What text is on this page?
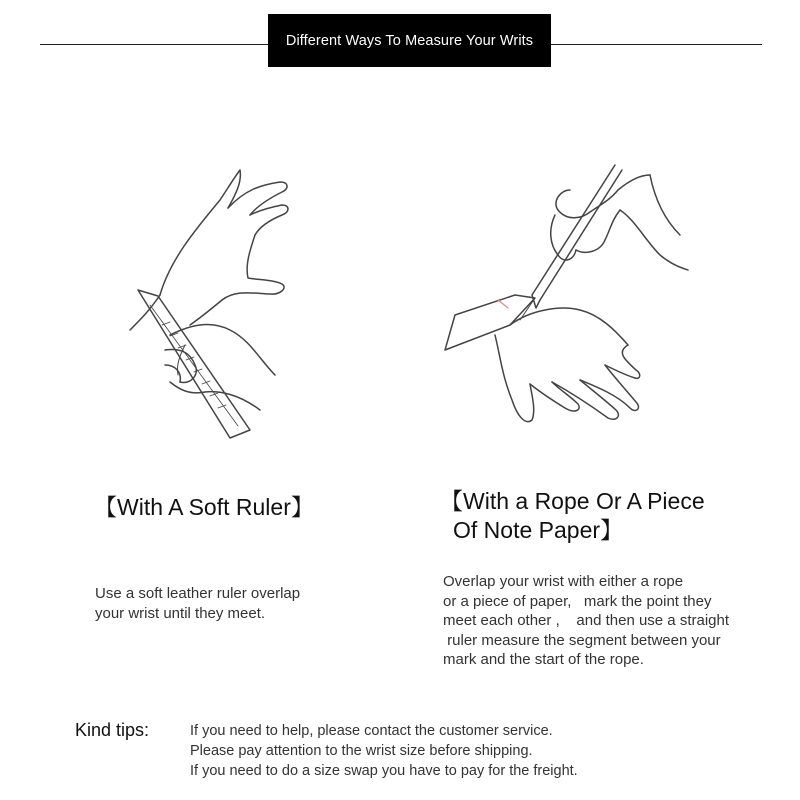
Different Ways To Measure Your Writs
【With A Soft Ruler】	【With a Rope Or A Piece
Of Note Paper】
Use a soft leather ruler overlap
your wrist until they meet.
Overlap your wrist with either a rope
or a piece of paper,   mark the point they
meet each other ,    and then use a straight
ruler measure the segment between your
mark and the start of the rope.
Kind tips:	If you need to help, please contact the customer service.
Please pay attention to the wrist size before shipping.
If you need to do a size swap you have to pay for the freight.
